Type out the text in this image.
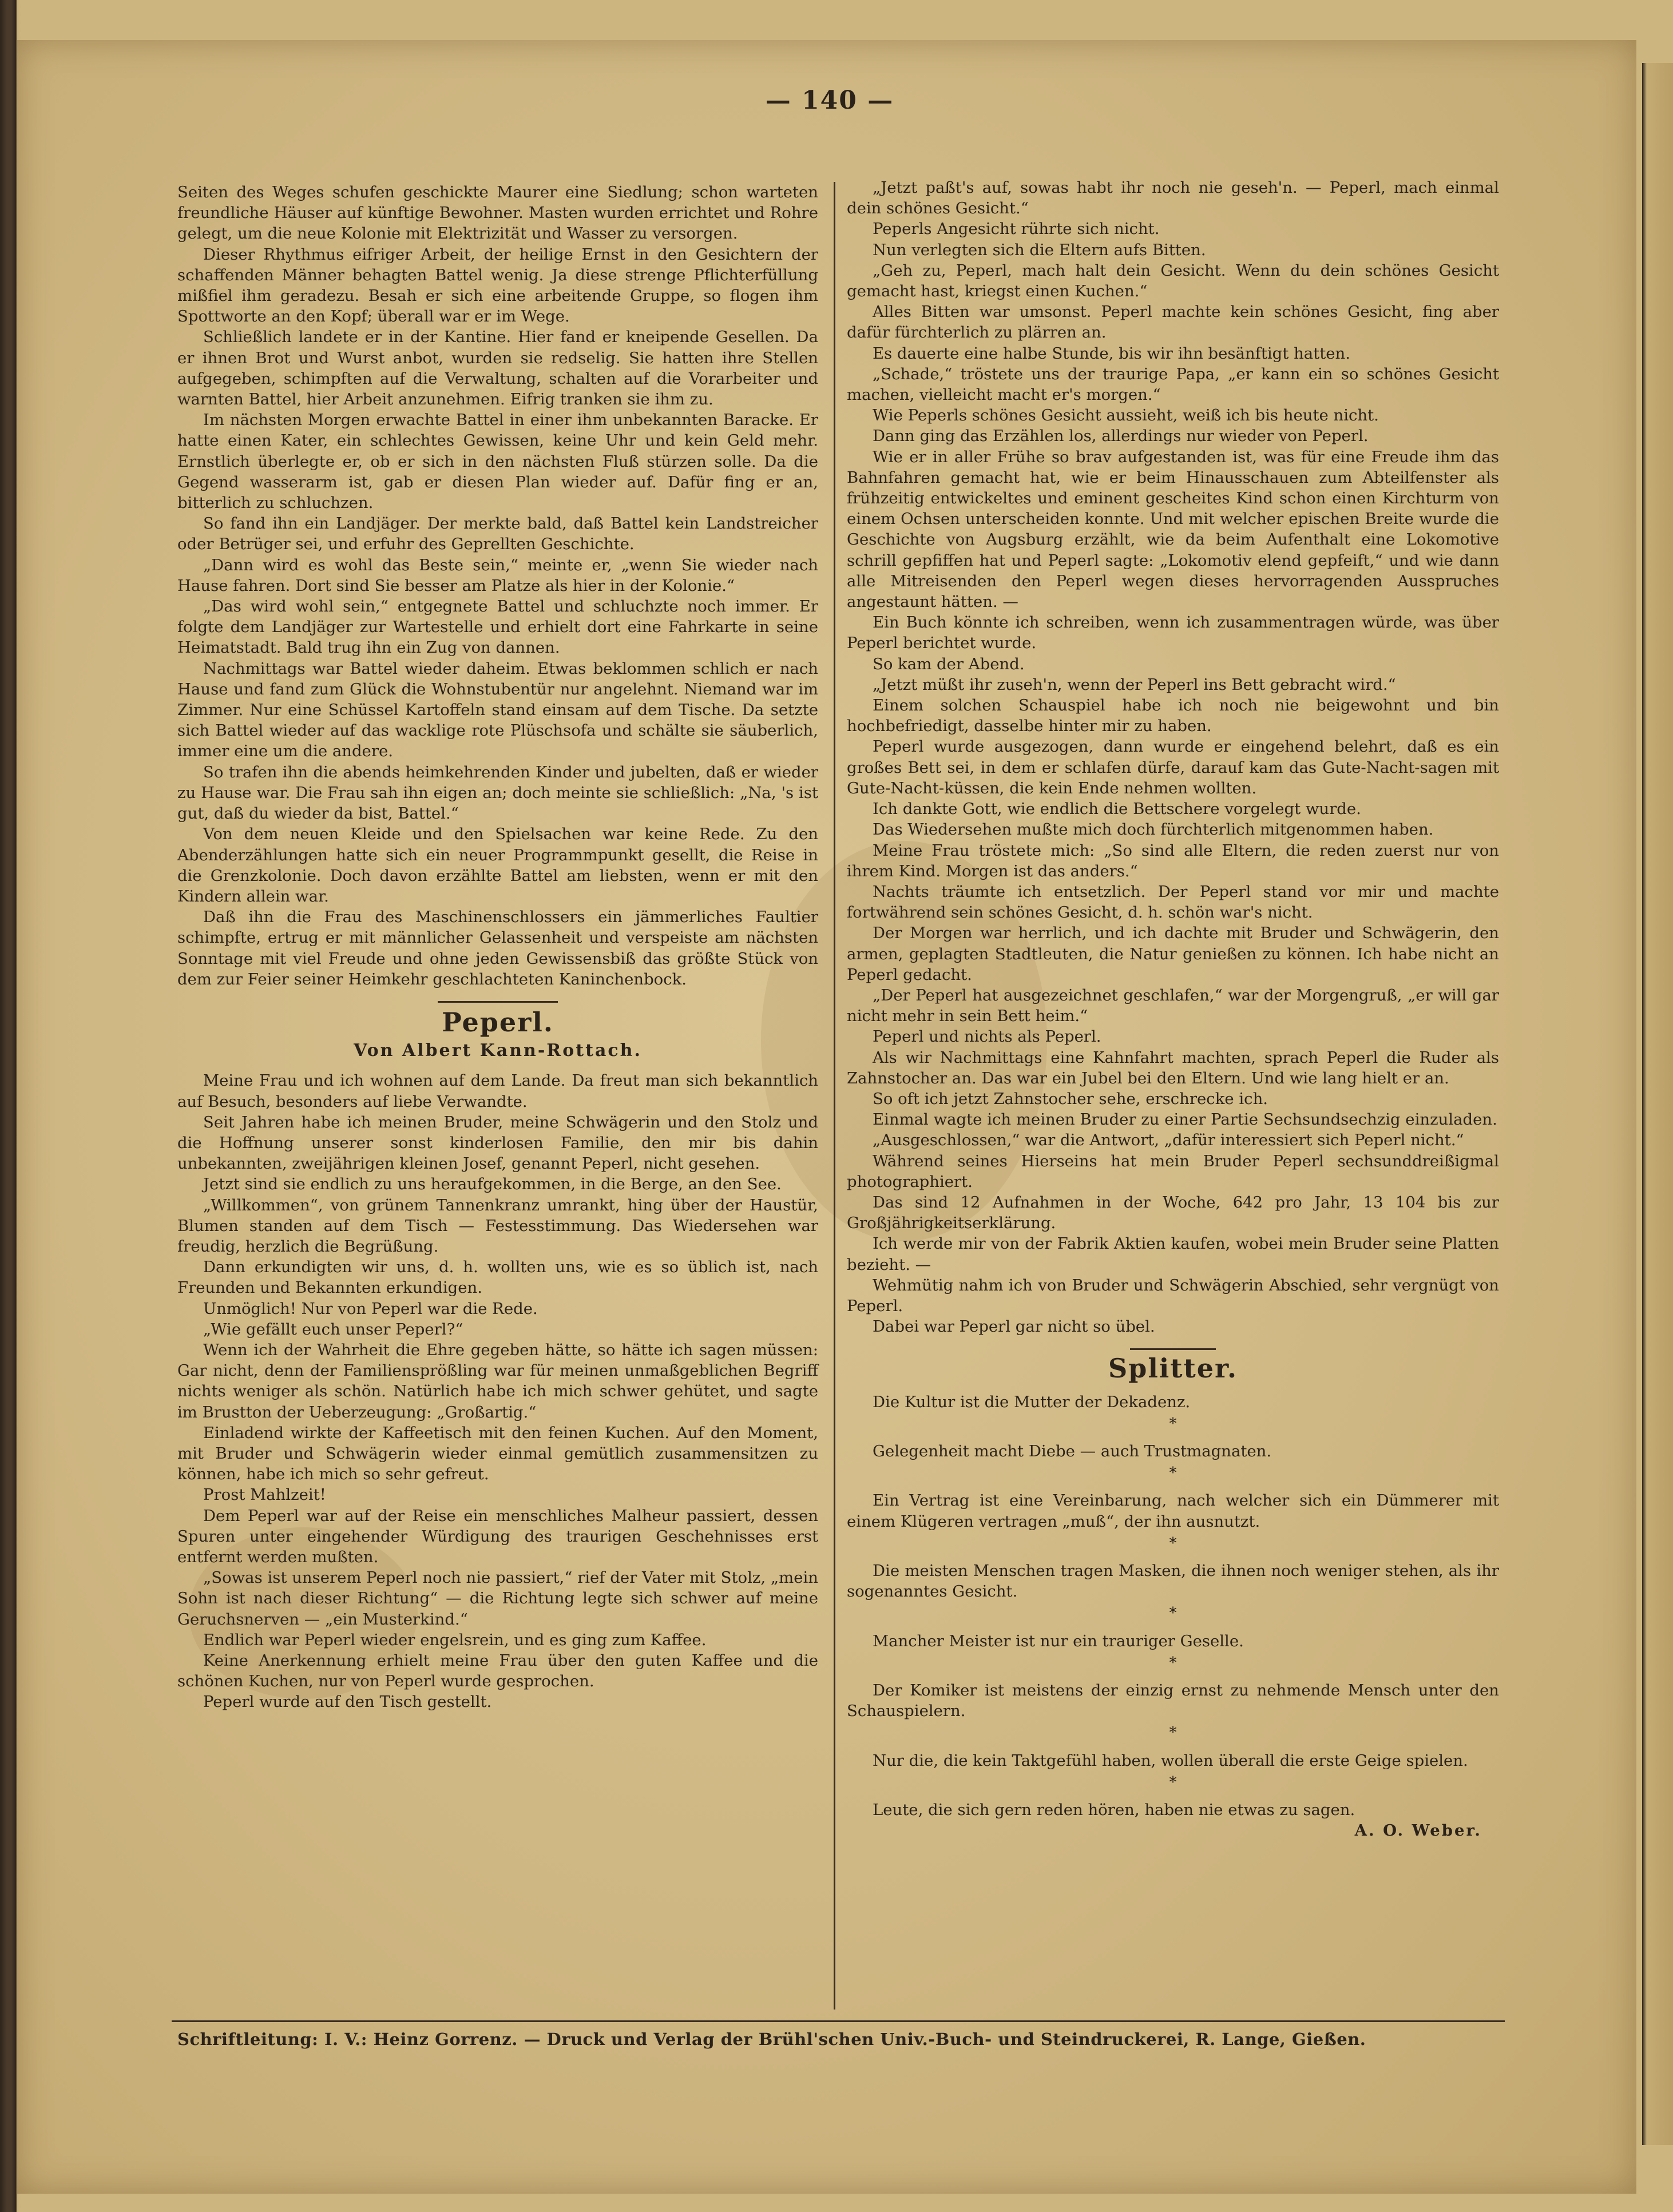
— 140 —

Seiten des Weges schufen geschickte Maurer eine Siedlung; schon warteten freundliche Häuser auf künftige Bewohner. Masten wurden errichtet und Rohre gelegt, um die neue Kolonie mit Elektrizität und Wasser zu versorgen.

Dieser Rhythmus eifriger Arbeit, der heilige Ernst in den Gesichtern der schaffenden Männer behagten Battel wenig. Ja diese strenge Pflichterfüllung mißfiel ihm geradezu. Besah er sich eine arbeitende Gruppe, so flogen ihm Spottworte an den Kopf; überall war er im Wege.

Schließlich landete er in der Kantine. Hier fand er kneipende Gesellen. Da er ihnen Brot und Wurst anbot, wurden sie redselig. Sie hatten ihre Stellen aufgegeben, schimpften auf die Verwaltung, schalten auf die Vorarbeiter und warnten Battel, hier Arbeit anzunehmen. Eifrig tranken sie ihm zu.

Im nächsten Morgen erwachte Battel in einer ihm unbekannten Baracke. Er hatte einen Kater, ein schlechtes Gewissen, keine Uhr und kein Geld mehr. Ernstlich überlegte er, ob er sich in den nächsten Fluß stürzen solle. Da die Gegend wasserarm ist, gab er diesen Plan wieder auf. Dafür fing er an, bitterlich zu schluchzen.

So fand ihn ein Landjäger. Der merkte bald, daß Battel kein Landstreicher oder Betrüger sei, und erfuhr des Geprellten Geschichte.

„Dann wird es wohl das Beste sein,“ meinte er, „wenn Sie wieder nach Hause fahren. Dort sind Sie besser am Platze als hier in der Kolonie.“

„Das wird wohl sein,“ entgegnete Battel und schluchzte noch immer. Er folgte dem Landjäger zur Wartestelle und erhielt dort eine Fahrkarte in seine Heimatstadt. Bald trug ihn ein Zug von dannen.

Nachmittags war Battel wieder daheim. Etwas beklommen schlich er nach Hause und fand zum Glück die Wohnstubentür nur angelehnt. Niemand war im Zimmer. Nur eine Schüssel Kartoffeln stand einsam auf dem Tische. Da setzte sich Battel wieder auf das wacklige rote Plüschsofa und schälte sie säuberlich, immer eine um die andere.

So trafen ihn die abends heimkehrenden Kinder und jubelten, daß er wieder zu Hause war. Die Frau sah ihn eigen an; doch meinte sie schließlich: „Na, 's ist gut, daß du wieder da bist, Battel.“

Von dem neuen Kleide und den Spielsachen war keine Rede. Zu den Abenderzählungen hatte sich ein neuer Programmpunkt gesellt, die Reise in die Grenzkolonie. Doch davon erzählte Battel am liebsten, wenn er mit den Kindern allein war.

Daß ihn die Frau des Maschinenschlossers ein jämmerliches Faultier schimpfte, ertrug er mit männlicher Gelassenheit und verspeiste am nächsten Sonntage mit viel Freude und ohne jeden Gewissensbiß das größte Stück von dem zur Feier seiner Heimkehr geschlachteten Kaninchenbock.

Peperl.
Von Albert Kann-Rottach.

Meine Frau und ich wohnen auf dem Lande. Da freut man sich bekanntlich auf Besuch, besonders auf liebe Verwandte.

Seit Jahren habe ich meinen Bruder, meine Schwägerin und den Stolz und die Hoffnung unserer sonst kinderlosen Familie, den mir bis dahin unbekannten, zweijährigen kleinen Josef, genannt Peperl, nicht gesehen.

Jetzt sind sie endlich zu uns heraufgekommen, in die Berge, an den See.

„Willkommen“, von grünem Tannenkranz umrankt, hing über der Haustür, Blumen standen auf dem Tisch — Festesstimmung. Das Wiedersehen war freudig, herzlich die Begrüßung.

Dann erkundigten wir uns, d. h. wollten uns, wie es so üblich ist, nach Freunden und Bekannten erkundigen.

Unmöglich! Nur von Peperl war die Rede.

„Wie gefällt euch unser Peperl?“

Wenn ich der Wahrheit die Ehre gegeben hätte, so hätte ich sagen müssen: Gar nicht, denn der Familiensprößling war für meinen unmaßgeblichen Begriff nichts weniger als schön. Natürlich habe ich mich schwer gehütet, und sagte im Brustton der Ueberzeugung: „Großartig.“

Einladend wirkte der Kaffeetisch mit den feinen Kuchen. Auf den Moment, mit Bruder und Schwägerin wieder einmal gemütlich zusammensitzen zu können, habe ich mich so sehr gefreut.

Prost Mahlzeit!

Dem Peperl war auf der Reise ein menschliches Malheur passiert, dessen Spuren unter eingehender Würdigung des traurigen Geschehnisses erst entfernt werden mußten.

„Sowas ist unserem Peperl noch nie passiert,“ rief der Vater mit Stolz, „mein Sohn ist nach dieser Richtung“ — die Richtung legte sich schwer auf meine Geruchsnerven — „ein Musterkind.“

Endlich war Peperl wieder engelsrein, und es ging zum Kaffee.

Keine Anerkennung erhielt meine Frau über den guten Kaffee und die schönen Kuchen, nur von Peperl wurde gesprochen.

Peperl wurde auf den Tisch gestellt.

„Jetzt paßt's auf, sowas habt ihr noch nie geseh'n. — Peperl, mach einmal dein schönes Gesicht.“

Peperls Angesicht rührte sich nicht.

Nun verlegten sich die Eltern aufs Bitten.

„Geh zu, Peperl, mach halt dein Gesicht. Wenn du dein schönes Gesicht gemacht hast, kriegst einen Kuchen.“

Alles Bitten war umsonst. Peperl machte kein schönes Gesicht, fing aber dafür fürchterlich zu plärren an.

Es dauerte eine halbe Stunde, bis wir ihn besänftigt hatten.

„Schade,“ tröstete uns der traurige Papa, „er kann ein so schönes Gesicht machen, vielleicht macht er's morgen.“

Wie Peperls schönes Gesicht aussieht, weiß ich bis heute nicht.

Dann ging das Erzählen los, allerdings nur wieder von Peperl.

Wie er in aller Frühe so brav aufgestanden ist, was für eine Freude ihm das Bahnfahren gemacht hat, wie er beim Hinausschauen zum Abteilfenster als frühzeitig entwickeltes und eminent gescheites Kind schon einen Kirchturm von einem Ochsen unterscheiden konnte. Und mit welcher epischen Breite wurde die Geschichte von Augsburg erzählt, wie da beim Aufenthalt eine Lokomotive schrill gepfiffen hat und Peperl sagte: „Lokomotiv elend gepfeift,“ und wie dann alle Mitreisenden den Peperl wegen dieses hervorragenden Ausspruches angestaunt hätten. —

Ein Buch könnte ich schreiben, wenn ich zusammentragen würde, was über Peperl berichtet wurde.

So kam der Abend.

„Jetzt müßt ihr zuseh'n, wenn der Peperl ins Bett gebracht wird.“

Einem solchen Schauspiel habe ich noch nie beigewohnt und bin hochbefriedigt, dasselbe hinter mir zu haben.

Peperl wurde ausgezogen, dann wurde er eingehend belehrt, daß es ein großes Bett sei, in dem er schlafen dürfe, darauf kam das Gute-Nacht-sagen mit Gute-Nacht-küssen, die kein Ende nehmen wollten.

Ich dankte Gott, wie endlich die Bettschere vorgelegt wurde.

Das Wiedersehen mußte mich doch fürchterlich mitgenommen haben.

Meine Frau tröstete mich: „So sind alle Eltern, die reden zuerst nur von ihrem Kind. Morgen ist das anders.“

Nachts träumte ich entsetzlich. Der Peperl stand vor mir und machte fortwährend sein schönes Gesicht, d. h. schön war's nicht.

Der Morgen war herrlich, und ich dachte mit Bruder und Schwägerin, den armen, geplagten Stadtleuten, die Natur genießen zu können. Ich habe nicht an Peperl gedacht.

„Der Peperl hat ausgezeichnet geschlafen,“ war der Morgengruß, „er will gar nicht mehr in sein Bett heim.“

Peperl und nichts als Peperl.

Als wir Nachmittags eine Kahnfahrt machten, sprach Peperl die Ruder als Zahnstocher an. Das war ein Jubel bei den Eltern. Und wie lang hielt er an.

So oft ich jetzt Zahnstocher sehe, erschrecke ich.

Einmal wagte ich meinen Bruder zu einer Partie Sechsundsechzig einzuladen.

„Ausgeschlossen,“ war die Antwort, „dafür interessiert sich Peperl nicht.“

Während seines Hierseins hat mein Bruder Peperl sechsunddreißigmal photographiert.

Das sind 12 Aufnahmen in der Woche, 642 pro Jahr, 13 104 bis zur Großjährigkeitserklärung.

Ich werde mir von der Fabrik Aktien kaufen, wobei mein Bruder seine Platten bezieht. —

Wehmütig nahm ich von Bruder und Schwägerin Abschied, sehr vergnügt von Peperl.

Dabei war Peperl gar nicht so übel.

Splitter.

Die Kultur ist die Mutter der Dekadenz.

*

Gelegenheit macht Diebe — auch Trustmagnaten.

*

Ein Vertrag ist eine Vereinbarung, nach welcher sich ein Dümmerer mit einem Klügeren vertragen „muß“, der ihn ausnutzt.

*

Die meisten Menschen tragen Masken, die ihnen noch weniger stehen, als ihr sogenanntes Gesicht.

*

Mancher Meister ist nur ein trauriger Geselle.

*

Der Komiker ist meistens der einzig ernst zu nehmende Mensch unter den Schauspielern.

*

Nur die, die kein Taktgefühl haben, wollen überall die erste Geige spielen.

*

Leute, die sich gern reden hören, haben nie etwas zu sagen.

A. O. Weber.
Schriftleitung: I. V.: Heinz Gorrenz. — Druck und Verlag der Brühl'schen Univ.-Buch- und Steindruckerei, R. Lange, Gießen.
